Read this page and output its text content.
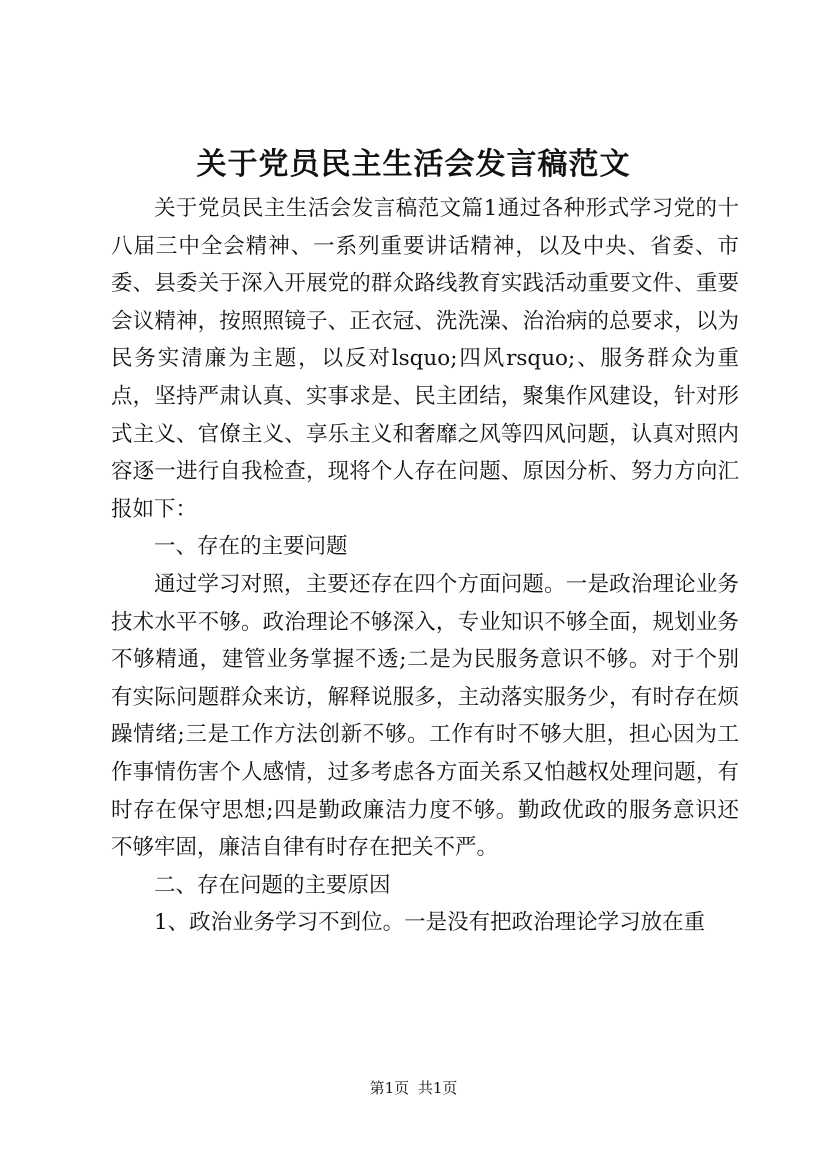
关于党员民主生活会发言稿范文

关于党员民主生活会发言稿范文篇1通过各种形式学习党的十八届三中全会精神、一系列重要讲话精神，以及中央、省委、市委、县委关于深入开展党的群众路线教育实践活动重要文件、重要会议精神，按照照镜子、正衣冠、洗洗澡、治治病的总要求，以为民务实清廉为主题，以反对lsquo;四风rsquo;、服务群众为重点，坚持严肃认真、实事求是、民主团结，聚集作风建设，针对形式主义、官僚主义、享乐主义和奢靡之风等四风问题，认真对照内容逐一进行自我检查，现将个人存在问题、原因分析、努力方向汇报如下：

一、存在的主要问题

通过学习对照，主要还存在四个方面问题。一是政治理论业务技术水平不够。政治理论不够深入，专业知识不够全面，规划业务不够精通，建管业务掌握不透;二是为民服务意识不够。对于个别有实际问题群众来访，解释说服多，主动落实服务少，有时存在烦躁情绪;三是工作方法创新不够。工作有时不够大胆，担心因为工作事情伤害个人感情，过多考虑各方面关系又怕越权处理问题，有时存在保守思想;四是勤政廉洁力度不够。勤政优政的服务意识还不够牢固，廉洁自律有时存在把关不严。

二、存在问题的主要原因

1、政治业务学习不到位。一是没有把政治理论学习放在重

第1页 共1页
